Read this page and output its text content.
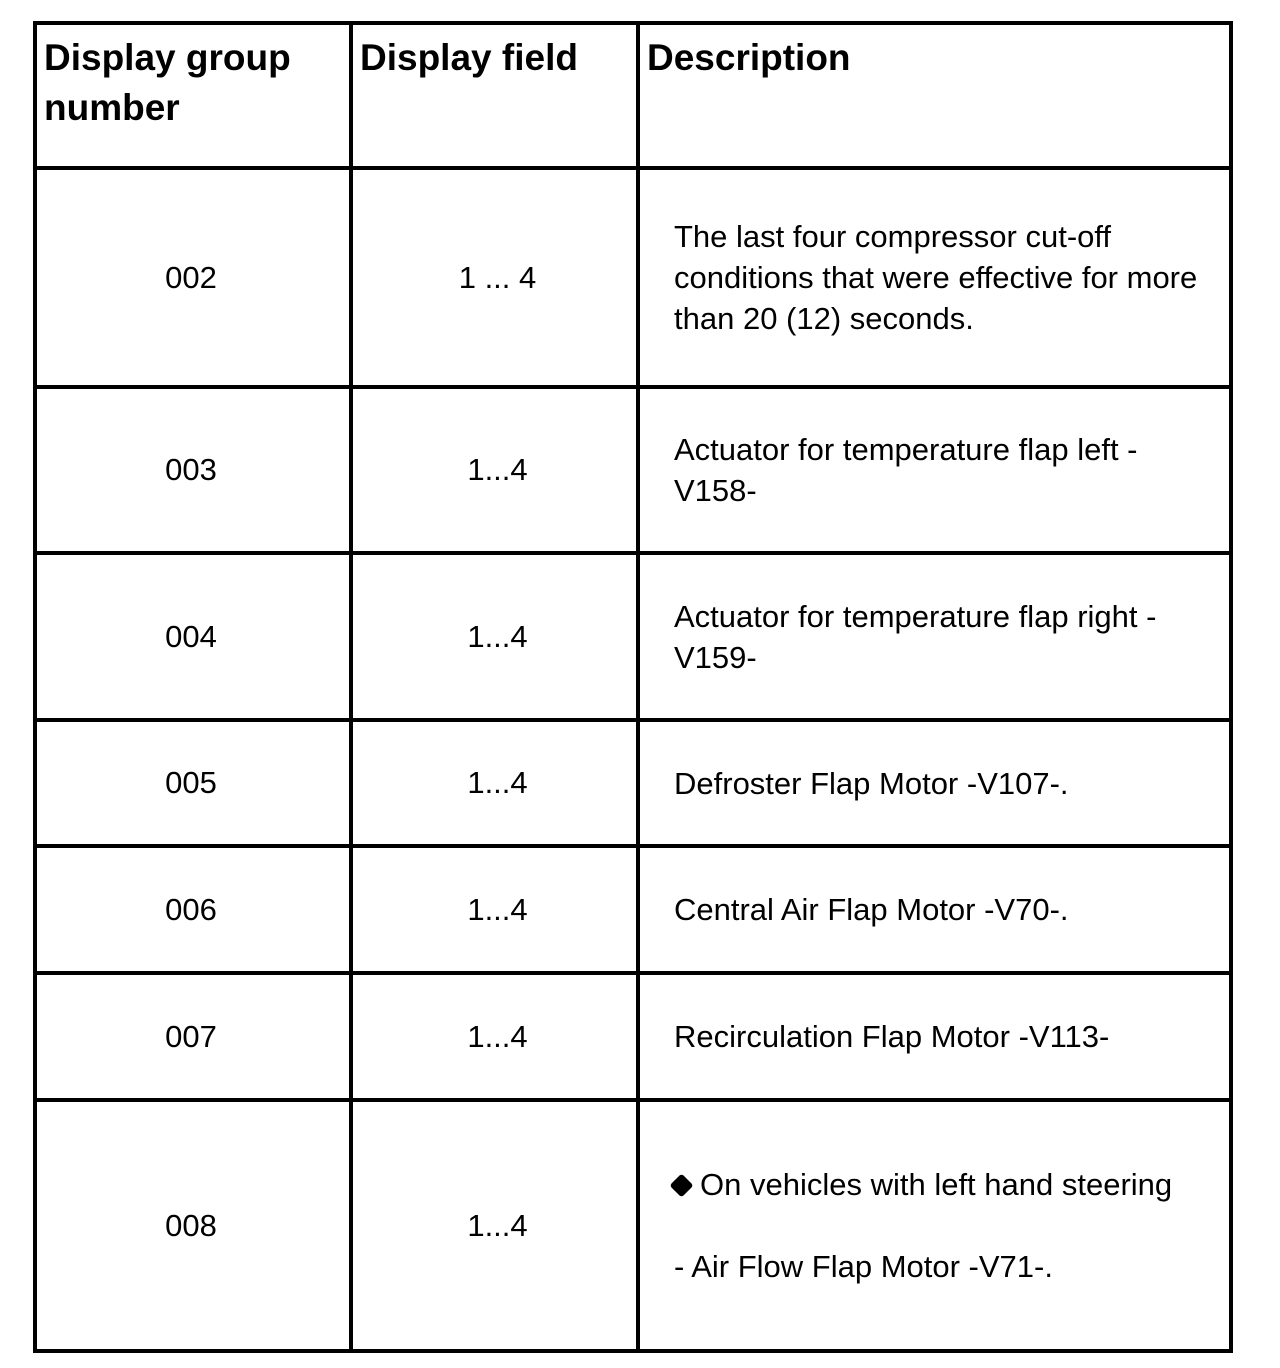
Display group number	Display field	Description
002	1 ... 4	The last four compressor cut-off conditions that were effective for more than 20 (12) seconds.
003	1...4	Actuator for temperature flap left -V158-
004	1...4	Actuator for temperature flap right -V159-
005	1...4	Defroster Flap Motor -V107-.
006	1...4	Central Air Flap Motor -V70-.
007	1...4	Recirculation Flap Motor -V113-
008	1...4	On vehicles with left hand steering
- Air Flow Flap Motor -V71-.
